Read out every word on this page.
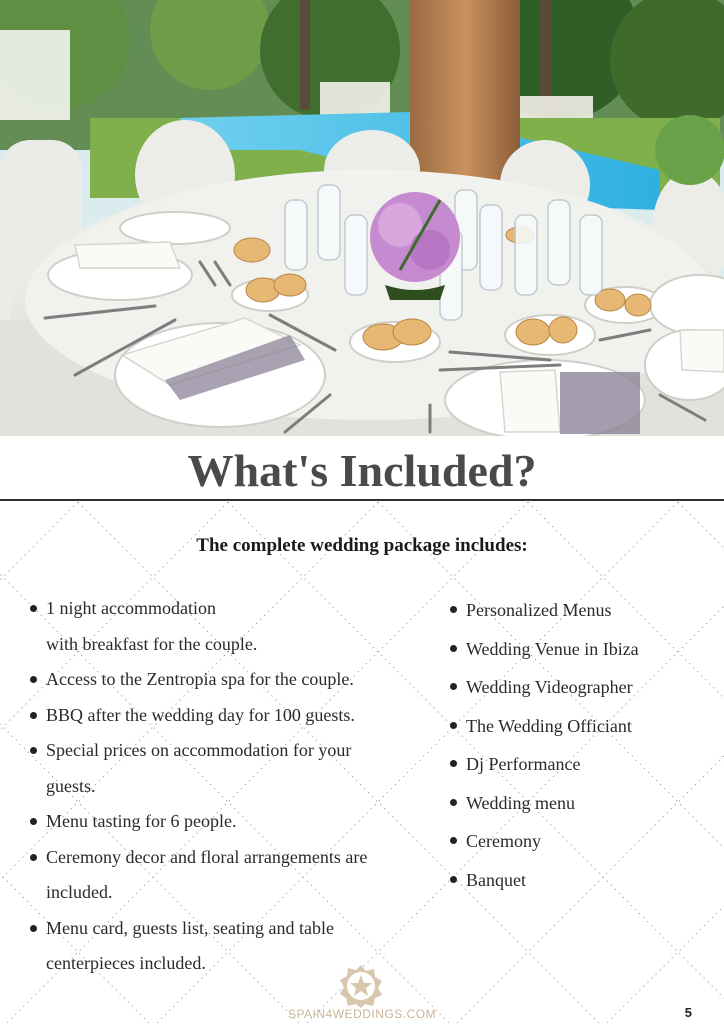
What's Included?

The complete wedding package includes:

1 night accommodation
with breakfast for the couple.
Access to the Zentropia spa for the couple.
BBQ after the wedding day for 100 guests.
Special prices on accommodation for your
guests.
Menu tasting for 6 people.
Ceremony decor and floral arrangements are
included.
Menu card, guests list, seating and table
centerpieces included.
Personalized Menus
Wedding Venue in Ibiza
Wedding Videographer
The Wedding Officiant
Dj Performance
Wedding menu
Ceremony
Banquet
SPAIN4WEDDINGS.COM	5
